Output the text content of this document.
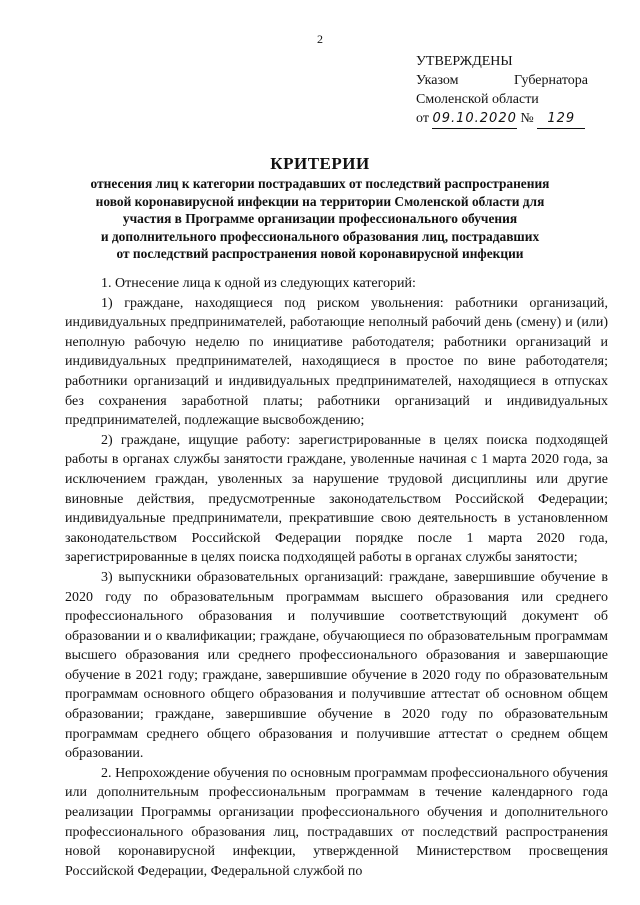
2
УТВЕРЖДЕНЫ
Указом	Губернатора
Смоленской области
от 09.10.2020 № 129
КРИТЕРИИ
отнесения лиц к категории пострадавших от последствий распространения
новой коронавирусной инфекции на территории Смоленской области для
участия в Программе организации профессионального обучения
и дополнительного профессионального образования лиц, пострадавших
от последствий распространения новой коронавирусной инфекции

1. Отнесение лица к одной из следующих категорий:

1) граждане, находящиеся под риском увольнения: работники организаций, индивидуальных предпринимателей, работающие неполный рабочий день (смену) и (или) неполную рабочую неделю по инициативе работодателя; работники организаций и индивидуальных предпринимателей, находящиеся в простое по вине работодателя; работники организаций и индивидуальных предпринимателей, находящиеся в отпусках без сохранения заработной платы; работники организаций и индивидуальных предпринимателей, подлежащие высвобождению;

2) граждане, ищущие работу: зарегистрированные в целях поиска подходящей работы в органах службы занятости граждане, уволенные начиная с 1 марта 2020 года, за исключением граждан, уволенных за нарушение трудовой дисциплины или другие виновные действия, предусмотренные законодательством Российской Федерации; индивидуальные предприниматели, прекратившие свою деятельность в установленном законодательством Российской Федерации порядке после 1 марта 2020 года, зарегистрированные в целях поиска подходящей работы в органах службы занятости;

3) выпускники образовательных организаций: граждане, завершившие обучение в 2020 году по образовательным программам высшего образования или среднего профессионального образования и получившие соответствующий документ об образовании и о квалификации; граждане, обучающиеся по образовательным программам высшего образования или среднего профессионального образования и завершающие обучение в 2021 году; граждане, завершившие обучение в 2020 году по образовательным программам основного общего образования и получившие аттестат об основном общем образовании; граждане, завершившие обучение в 2020 году по образовательным программам среднего общего образования и получившие аттестат о среднем общем образовании.

2. Непрохождение обучения по основным программам профессионального обучения или дополнительным профессиональным программам в течение календарного года реализации Программы организации профессионального обучения и дополнительного профессионального образования лиц, пострадавших от последствий распространения новой коронавирусной инфекции, утвержденной Министерством просвещения Российской Федерации, Федеральной службой по
